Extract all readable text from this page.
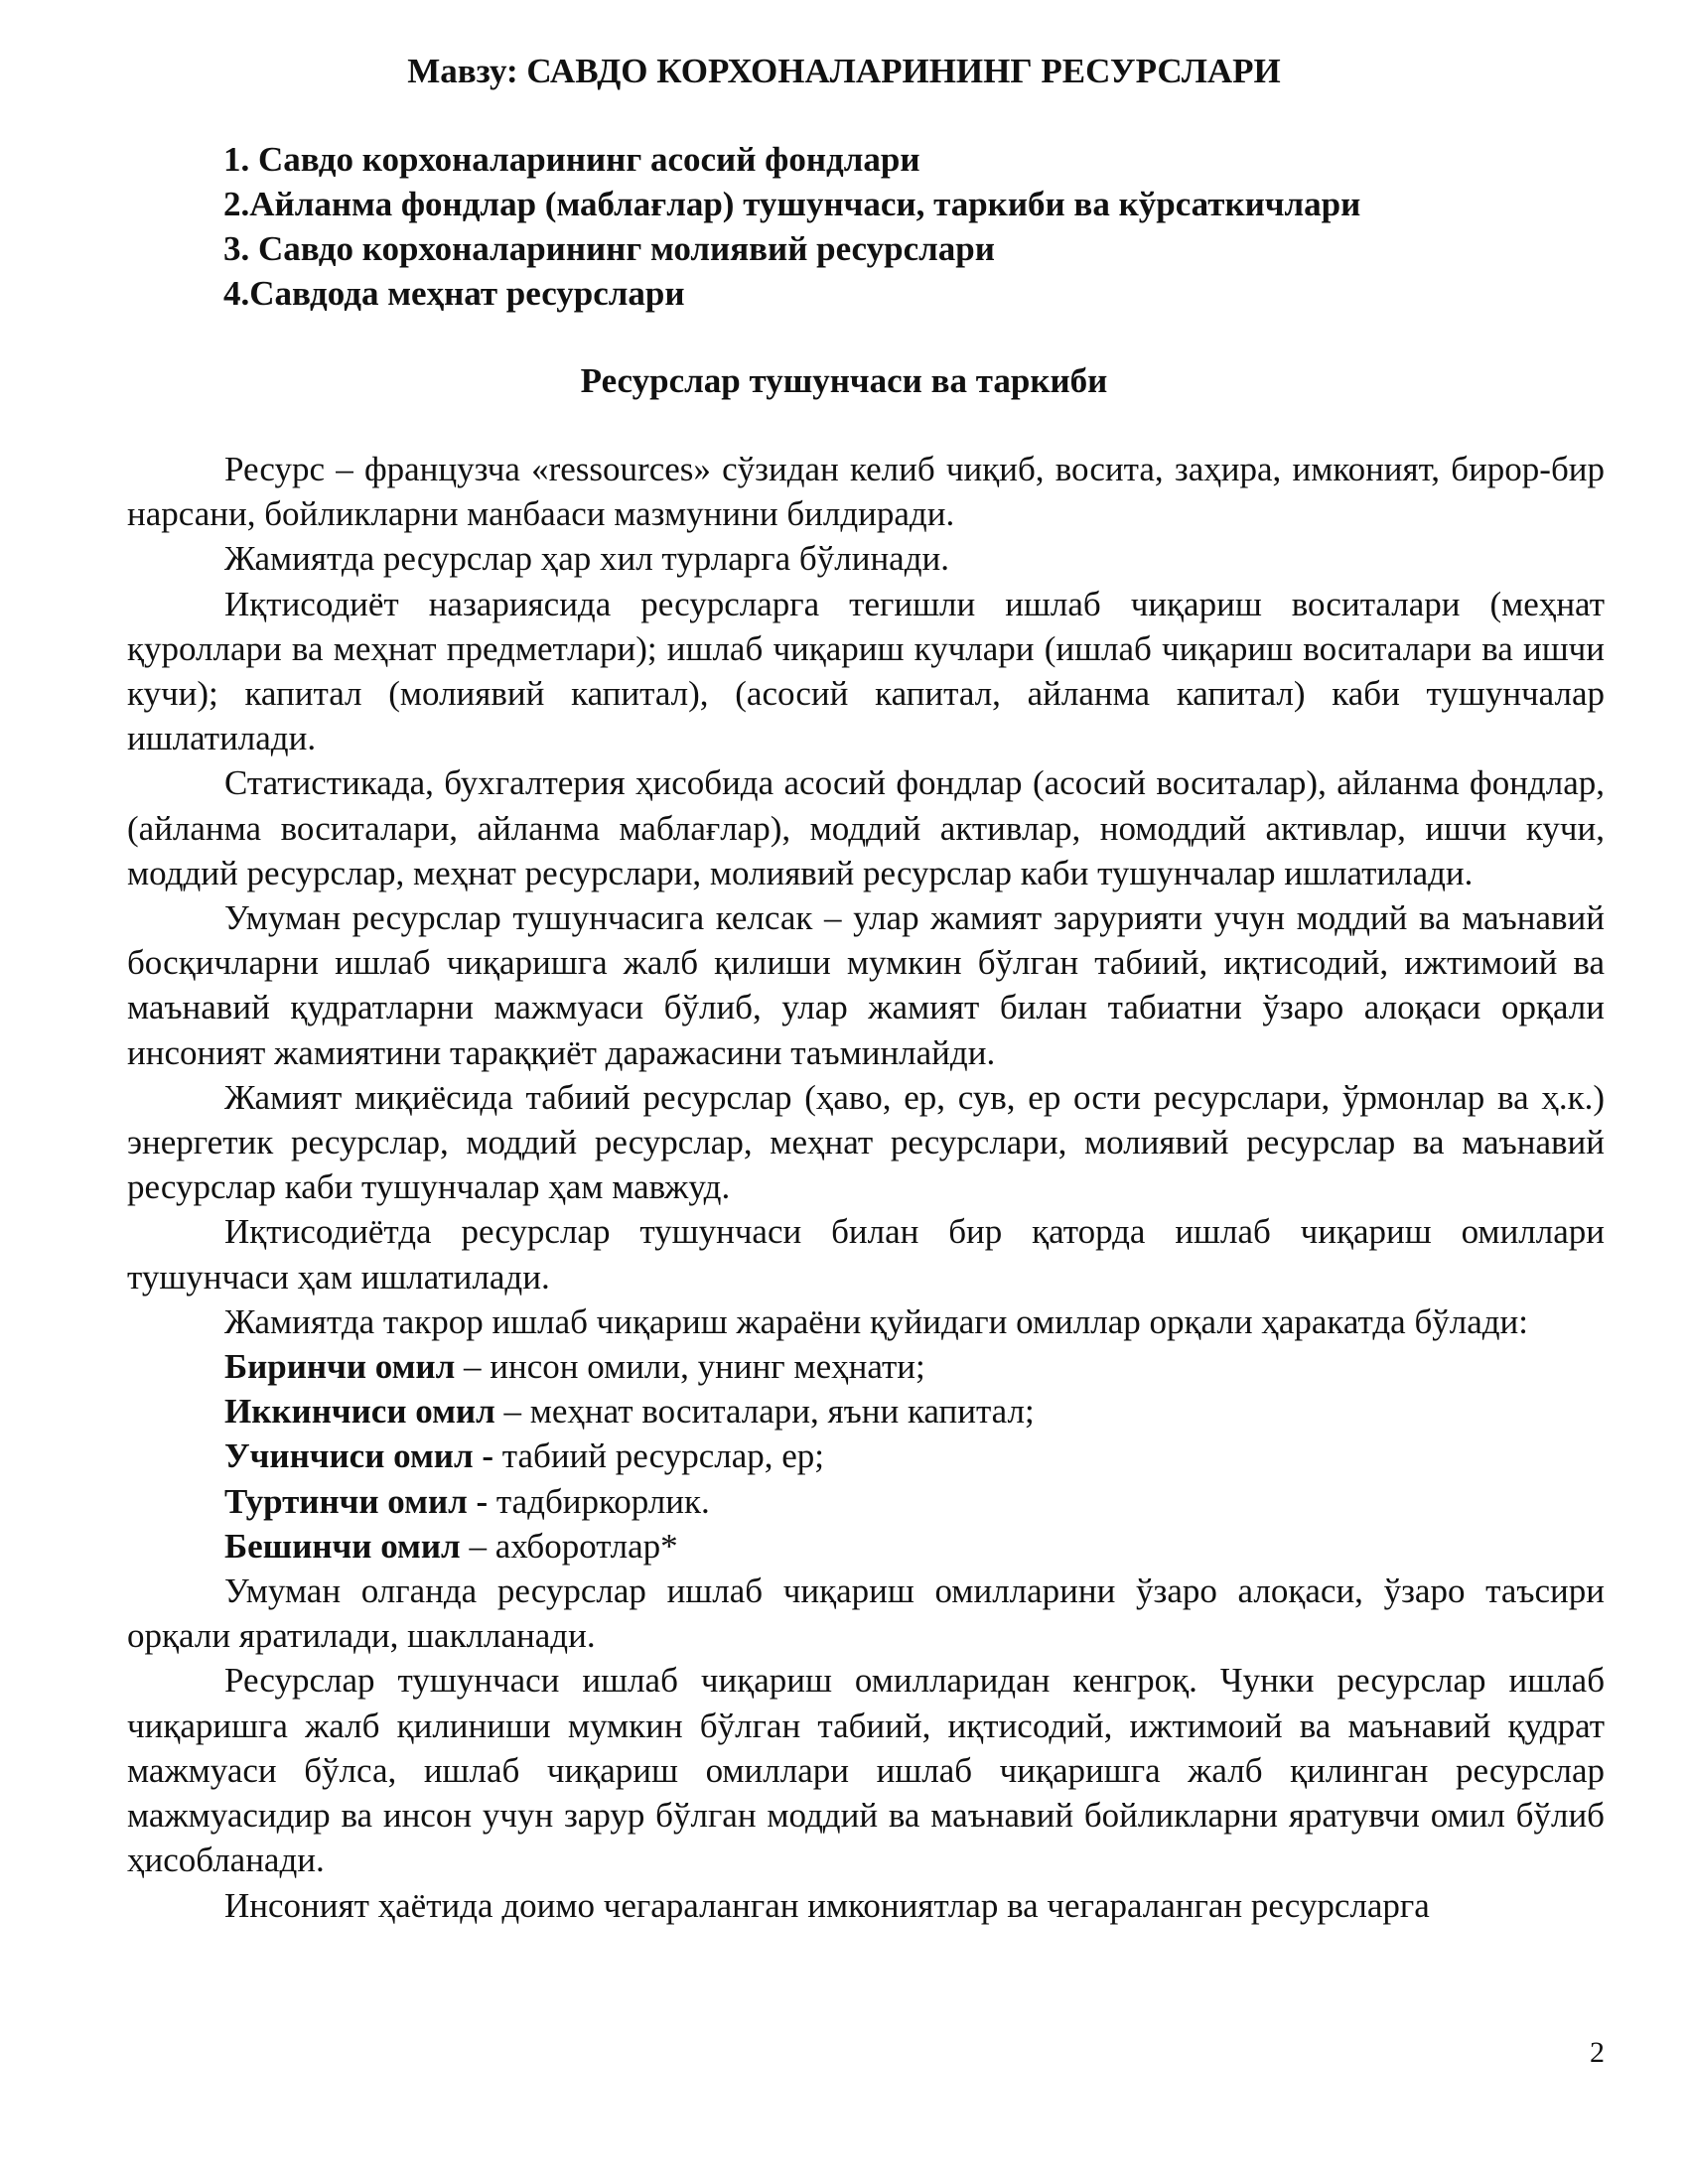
Мавзу: САВДО КОРХОНАЛАРИНИНГ РЕСУРСЛАРИ
1. Савдо корхоналарининг асосий фондлари
2.Айланма фондлар (маблағлар) тушунчаси, таркиби ва кўрсаткичлари
3. Савдо корхоналарининг молиявий ресурслари
4.Савдода меҳнат ресурслари
Ресурслар тушунчаси ва таркиби

Ресурс – французча «ressources» сўзидан келиб чиқиб, восита, заҳира, имконият, бирор-бир нарсани, бойликларни манбааси мазмунини билдиради.

Жамиятда ресурслар ҳар хил турларга бўлинади.

Иқтисодиёт назариясида ресурсларга тегишли ишлаб чиқариш воситалари (меҳнат қуроллари ва меҳнат предметлари); ишлаб чиқариш кучлари (ишлаб чиқариш воситалари ва ишчи кучи); капитал (молиявий капитал), (асосий капитал, айланма капитал) каби тушунчалар ишлатилади.

Статистикада, бухгалтерия ҳисобида асосий фондлар (асосий воситалар), айланма фондлар, (айланма воситалари, айланма маблағлар), моддий активлар, номоддий активлар, ишчи кучи, моддий ресурслар, меҳнат ресурслари, молиявий ресурслар каби тушунчалар ишлатилади.

Умуман ресурслар тушунчасига келсак – улар жамият зарурияти учун моддий ва маънавий босқичларни ишлаб чиқаришга жалб қилиши мумкин бўлган табиий, иқтисодий, ижтимоий ва маънавий қудратларни мажмуаси бўлиб, улар жамият билан табиатни ўзаро алоқаси орқали инсоният жамиятини тараққиёт даражасини таъминлайди.

Жамият миқиёсида табиий ресурслар (ҳаво, ер, сув, ер ости ресурслари, ўрмонлар ва ҳ.к.) энергетик ресурслар, моддий ресурслар, меҳнат ресурслари, молиявий ресурслар ва маънавий ресурслар каби тушунчалар ҳам мавжуд.

Иқтисодиётда ресурслар тушунчаси билан бир қаторда ишлаб чиқариш омиллари тушунчаси ҳам ишлатилади.

Жамиятда такрор ишлаб чиқариш жараёни қуйидаги омиллар орқали ҳаракатда бўлади:

Биринчи омил – инсон омили, унинг меҳнати;
Иккинчиси омил – меҳнат воситалари, яъни капитал;
Учинчиси омил - табиий ресурслар, ер;
Туртинчи омил - тадбиркорлик.
Бешинчи омил – ахборотлар*

Умуман олганда ресурслар ишлаб чиқариш омилларини ўзаро алоқаси, ўзаро таъсири орқали яратилади, шаклланади.

Ресурслар тушунчаси ишлаб чиқариш омилларидан кенгроқ. Чунки ресурслар ишлаб чиқаришга жалб қилиниши мумкин бўлган табиий, иқтисодий, ижтимоий ва маънавий қудрат мажмуаси бўлса, ишлаб чиқариш омиллари ишлаб чиқаришга жалб қилинган ресурслар мажмуасидир ва инсон учун зарур бўлган моддий ва маънавий бойликларни яратувчи омил бўлиб ҳисобланади.

Инсоният ҳаётида доимо чегараланган имкониятлар ва чегараланган ресурсларга

2
